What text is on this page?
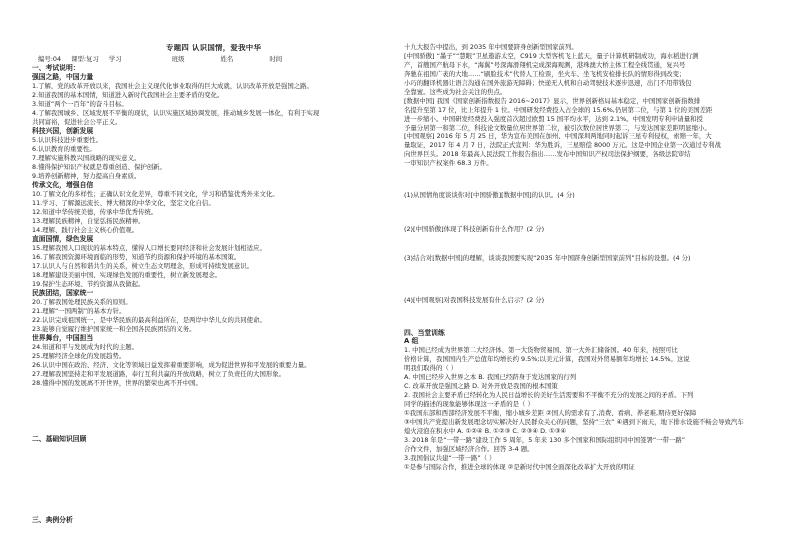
专题四 认识国情，爱我中华
编号:04 课型:复习 学习	班级	姓名	时间
一、考试说明：
强国之路，中国力量
1.了解，党的改革开放以来，我国社会主义现代化事业取得的巨大成就，认识改革开放是强国之路。
2.知道我国的基本国情，知道进入新时代我国社会主要矛盾的变化。
3.知道“两个一百年”的奋斗目标。
4.了解我国城乡、区域发展不平衡的现状，认识实施区域协调发展，推动城乡发展一体化，有利于实现
共同富裕，促进社会公平正义。
科技兴国，创新发展
5.认识科技进步重要性。
6.认识教育的重要性。
7.理解实施科教兴国战略的现实意义。
8.懂得保护知识产权就是尊重创造、保护创新。
9.培养创新精神，努力提高自身素质。
传承文化，增强自信
10.了解文化的多样性；正确认识文化差异，尊重不同文化，学习和借鉴优秀外来文化。
11.学习、了解源远流长、博大精深的中华文化，坚定文化自信。
12.知道中华传统美德，传承中华优秀传统。
13.理解民族精神，自觉弘扬民族精神。
14.理解、践行社会主义核心价值观。
直面国情，绿色发展
15.理解我国人口现状的基本特点，懂得人口增长要同经济和社会发展计划相适应。
16.了解我国资源环境面临的形势，知道节约资源和保护环境的基本国策。
17.认识人与自然和谐共生的关系，树立生态文明理念，形成可持续发展意识。
18.理解建设美丽中国、实现绿色发展的重要性，树立新发展理念。
19.保护生态环境、节约资源从我做起。
民族团结，国家统一
20.了解我国处理民族关系的原则。
21.理解“一国两制”的基本方针。
22.认识完成祖国统一，是中华民族的最高利益所在，是两岸中华儿女的共同使命。
23.能够自觉履行维护国家统一和全国各民族团结的义务。
世界舞台，中国担当
24.知道和平与发展成为时代的主题。
25.理解经济全球化的发展趋势。
26.认识中国在政治、经济、文化等领域日益发挥着重要影响，成为促进世界和平发展的重要力量。
27.理解我国坚持走和平发展道路，奉行互利共赢的开放战略，树立了负责任的大国形象。
28.懂得中国的发展离不开世界，世界的繁荣也离不开中国。
二、基础知识回顾
三、典例分析
十九大报告中提出，到 2035 年中国要跻身创新型国家前列。
[中国骄傲] “墨子”“慧眼”卫星遨游太空，C919 大型客机飞上蓝天，量子计算机研制成功，海水稻进行测
产，首艘国产航母下水，“海翼”号深海滑翔机完成深海观测，港珠澳大桥主体工程全线贯通，复兴号
奔驰在祖国广袤的大地……“刷脸技术”代替人工检票，坐火车、坐飞机安检排长队的情形得到改变；
小巧的翻译机器让语言沟通在国外旅游无障碍；快递无人机和自动驾驶技术逐步迅速，出门不用带钱包
全靠蜜。这些成为社会关注的焦点。
[数据中国] 我国《国家创新指数报告 2016~2017》显示，世界创新格局基本稳定，中国国家创新指数排
名提升至第 17 位，比上年提升 1 位。中国研发经费投入占全球的 15.6%,仍居第二位，与第 1 位的美国差距
进一步缩小。中国研发经费投入强度首次超过欧盟 15 国平均水平，达到 2.1%。中国发明专利申请量和授
予量分居第一和第二位，科技论文数量位居世界第二位，被引次数位居世界第二，与发达国家差距明显缩小。
[中国观察] 2016 年 5 月 25 日，华为宣布美国在加州、中国深圳两地同时起诉三星专利侵权，索赔一年，大
量取证，2017 年 4 月 7 日，法院正式宣判：华为胜诉，三星赔偿 8000 万元。这是中国企业第一次通过专利战
向世界巨头。2018 年最高人民法院工作报告指出……发布中国知识产权司法保护纲要，各级法院审结
一审知识产权案件 68.3 万件。
(1)从国情角度谈谈你对[中国骄傲][数据中国]的认识。(4 分)
(2)[中国骄傲]体现了科技创新有什么作用？(2 分)
(3)结合对[数据中国]的理解，谈谈我国要实现“2035 年中国跻身创新型国家前列”目标的设想。(4 分)
(4)[中国观察]对我国科技发展有什么启示？(2 分)
四、当堂训练
A 组
1. 中国已经成为世界第二大经济体、第一大货物贸易国、第一大外汇储备国。40 年来，按照可比
价格计算，我国国内生产总值年均增长约 9.5%;以美元计算，我国对外贸易额年均增长 14.5%。这说
明我们取得的（ ）
A. 中国已经步入世界之本 B. 我国已经跻身于发达国家的行列
C. 改革开放是强国之路 D. 对外开放是我国的根本国策
2. 我国社会主要矛盾已经转化为人民日益增长的美好生活需要和不平衡不充分的发展之间的矛盾。下列
同学的描述的现象能够体现这一矛盾的是（ ）
①我国东部和西部经济发展不平衡，缩小城乡差距 ②国人的需求有了,消费、看病、养老难,期待更好保障
③中国共产党提出新发展理念切实解决好人民群众关心的问题，坚持“三农” ④遇到下雨天，地下排水设施不畅会导致汽车
熄火浸泡在积水中 A. ①②④ B. ①②③ C. ②③④ D. ①③④
3. 2018 年是“一带一路”建设工作 5 周年，5 年来 130 多个国家和国际组织同中国签署“一带一路”
合作文件，加强区域经济合作。回答 3-4 题。
3.我国倡议共建“一带一路”（ ）
①是参与国际合作，推进全球的体现 ②是新时代中国全面深化改革扩大开放的明证
